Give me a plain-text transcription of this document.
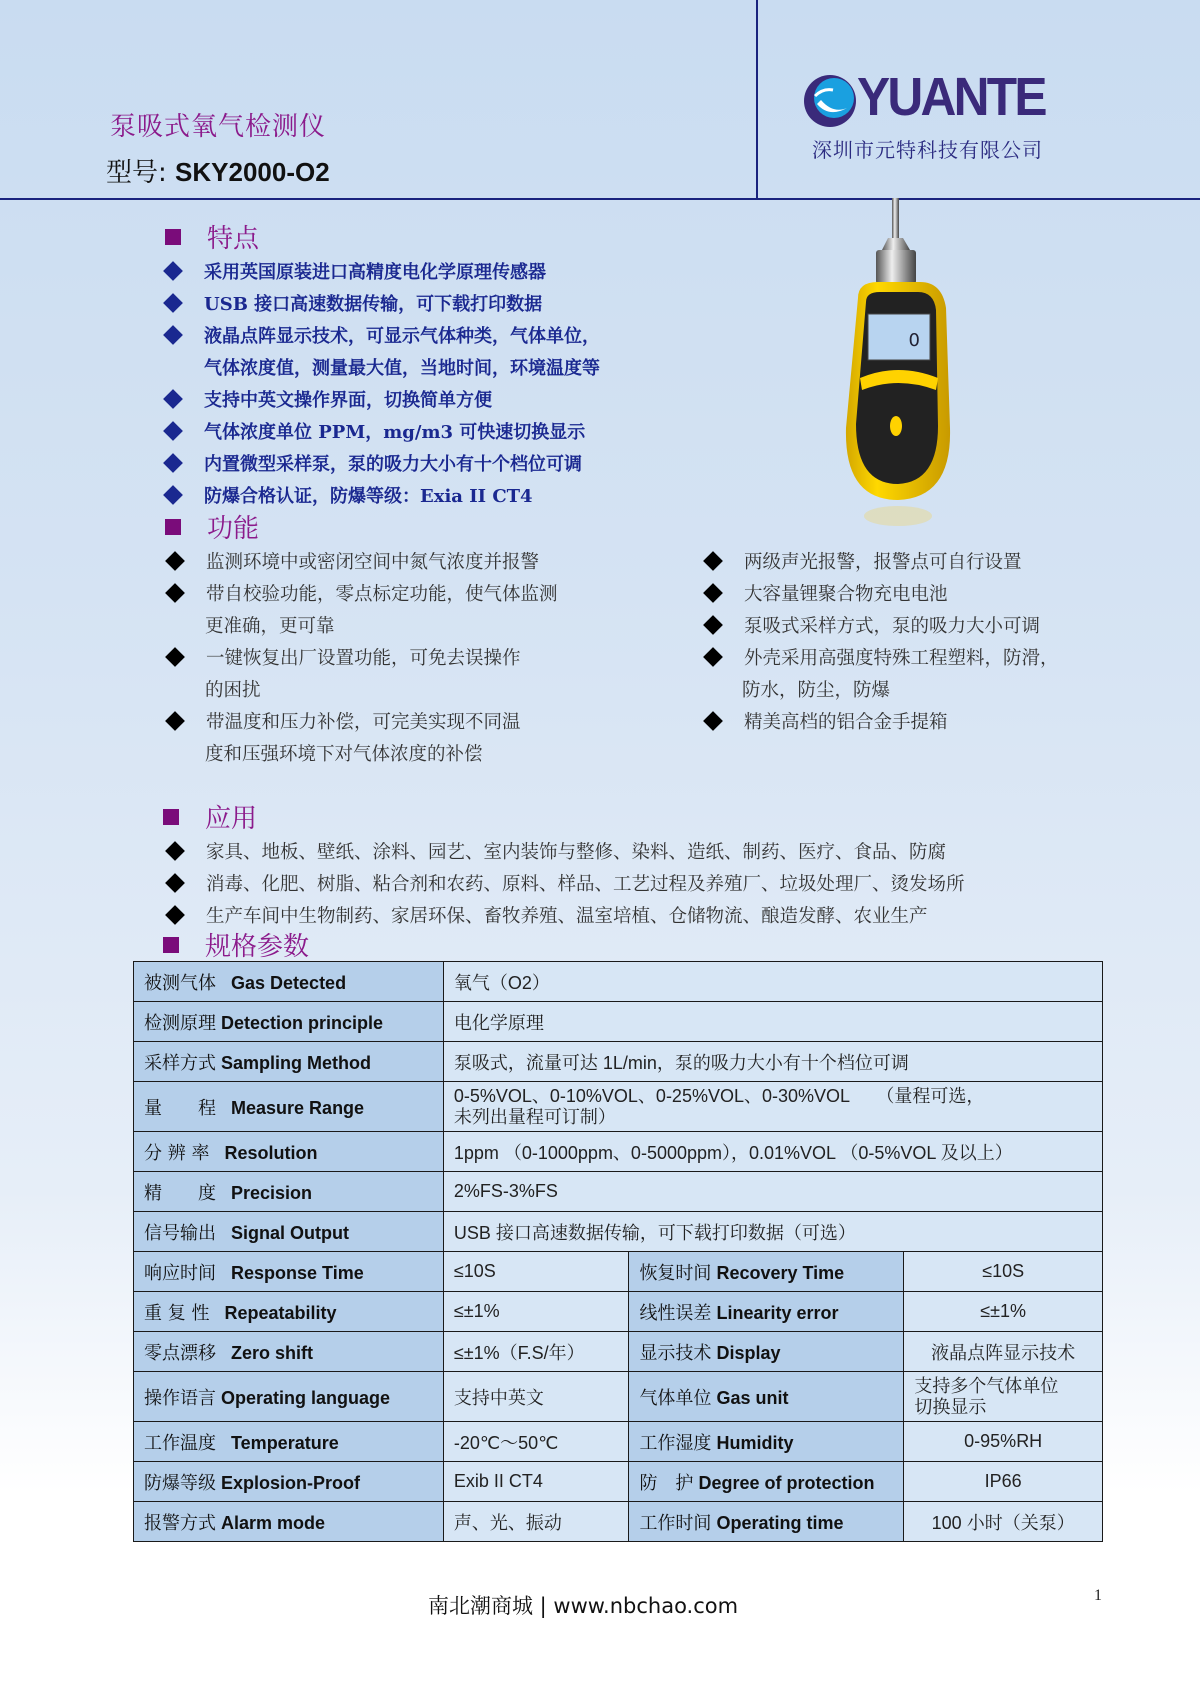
泵吸式氧气检测仪
型号: SKY2000-O2
YUANTE
深圳市元特科技有限公司
0
特点
采用英国原装进口高精度电化学原理传感器
USB 接口高速数据传输，可下载打印数据
液晶点阵显示技术，可显示气体种类，气体单位，
气体浓度值，测量最大值，当地时间，环境温度等
支持中英文操作界面，切换简单方便
气体浓度单位 PPM，mg/m3 可快速切换显示
内置微型采样泵，泵的吸力大小有十个档位可调
防爆合格认证，防爆等级：Exia II CT4
功能
监测环境中或密闭空间中氮气浓度并报警
带自校验功能，零点标定功能，使气体监测
更准确，更可靠
一键恢复出厂设置功能，可免去误操作
的困扰
带温度和压力补偿，可完美实现不同温
度和压强环境下对气体浓度的补偿
两级声光报警，报警点可自行设置
大容量锂聚合物充电电池
泵吸式采样方式，泵的吸力大小可调
外壳采用高强度特殊工程塑料，防滑，
防水，防尘，防爆
精美高档的铝合金手提箱
应用
家具、地板、壁纸、涂料、园艺、室内装饰与整修、染料、造纸、制药、医疗、食品、防腐
消毒、化肥、树脂、粘合剂和农药、原料、样品、工艺过程及养殖厂、垃圾处理厂、烫发场所
生产车间中生物制药、家居环保、畜牧养殖、温室培植、仓储物流、酿造发酵、农业生产
规格参数
被测气体 Gas Detected	氧气（O2）		
检测原理 Detection principle	电化学原理		
采样方式 Sampling Method	泵吸式，流量可达 1L/min，泵的吸力大小有十个档位可调		
量　　程 Measure Range	0-5%VOL、0-10%VOL、0-25%VOL、0-30%VOL　　（量程可选，
未列出量程可订制）		
分 辨 率 Resolution	1ppm （0-1000ppm、0-5000ppm），0.01%VOL （0-5%VOL 及以上）		
精　　度 Precision	2%FS-3%FS		
信号输出 Signal Output	USB 接口高速数据传输，可下载打印数据（可选）		
响应时间 Response Time	≤10S	恢复时间 Recovery Time	≤10S
重 复 性 Repeatability	≤±1%	线性误差 Linearity error	≤±1%
零点漂移 Zero shift	≤±1%（F.S/年）	显示技术 Display	液晶点阵显示技术
操作语言 Operating language	支持中英文	气体单位 Gas unit	支持多个气体单位
切换显示
工作温度 Temperature	-20℃～50℃	工作湿度 Humidity	0-95%RH
防爆等级 Explosion-Proof	Exib II CT4	防　护 Degree of protection	IP66
报警方式 Alarm mode	声、光、振动	工作时间 Operating time	100 小时（关泵）
南北潮商城 | www.nbchao.com	1
